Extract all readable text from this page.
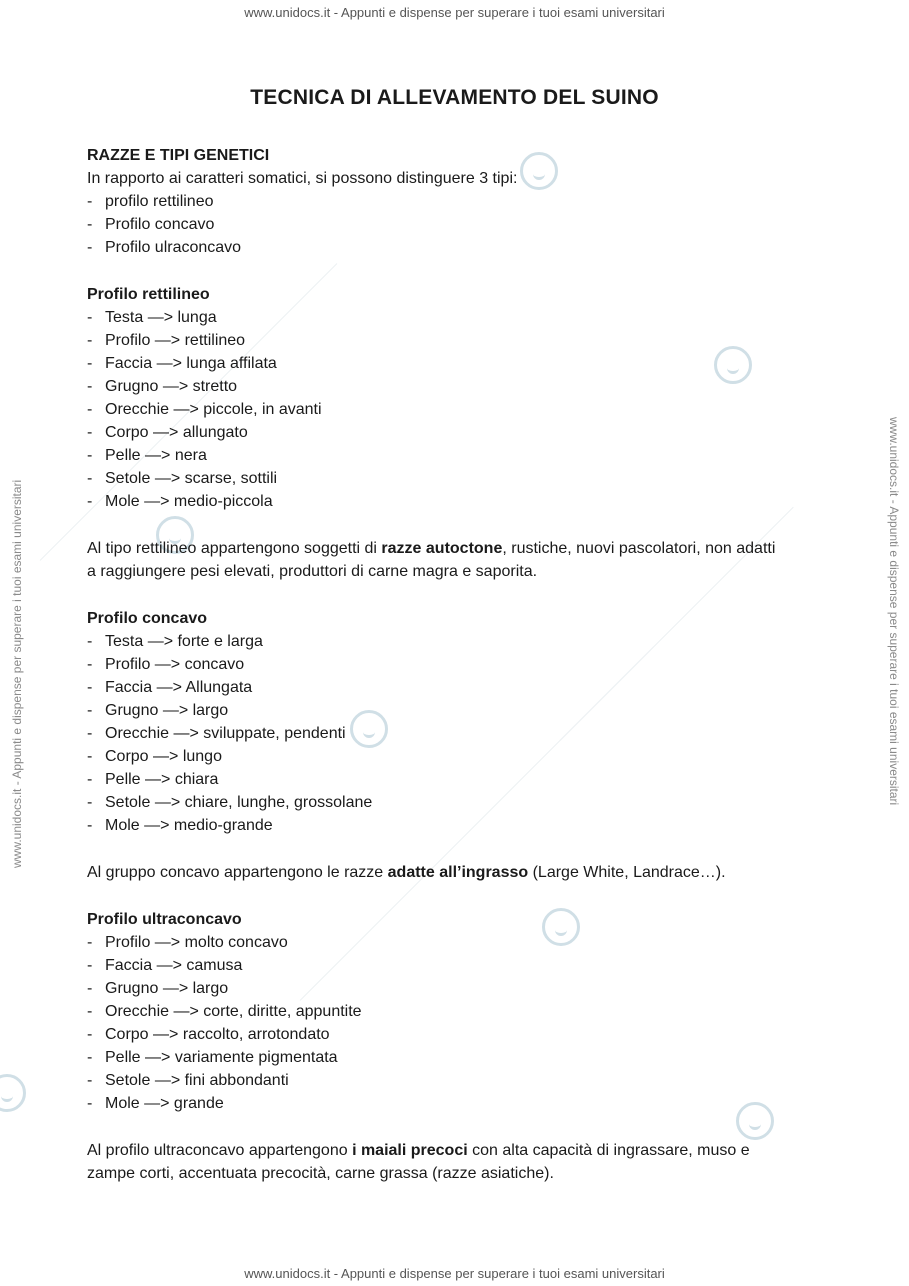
www.unidocs.it - Appunti e dispense per superare i tuoi esami universitari
www.unidocs.it - Appunti e dispense per superare i tuoi esami universitari
www.unidocs.it - Appunti e dispense per superare i tuoi esami universitari	www.unidocs.it - Appunti e dispense per superare i tuoi esami universitari
TECNICA DI ALLEVAMENTO DEL SUINO
RAZZE E TIPI GENETICI
In rapporto ai caratteri somatici, si possono distinguere 3 tipi:
- profilo rettilineo
- Profilo concavo
- Profilo ulraconcavo
Profilo rettilineo
- Testa —> lunga
- Profilo —> rettilineo
- Faccia —> lunga affilata
- Grugno —> stretto
- Orecchie —> piccole, in avanti
- Corpo —> allungato
- Pelle —> nera
- Setole —> scarse, sottili
- Mole —> medio-piccola
Al tipo rettilineo appartengono soggetti di razze autoctone, rustiche, nuovi pascolatori, non adatti
a raggiungere pesi elevati, produttori di carne magra e saporita.
Profilo concavo
- Testa —> forte e larga
- Profilo —> concavo
- Faccia —> Allungata
- Grugno —> largo
- Orecchie —> sviluppate, pendenti
- Corpo —> lungo
- Pelle —> chiara
- Setole —> chiare, lunghe, grossolane
- Mole —> medio-grande
Al gruppo concavo appartengono le razze adatte all’ingrasso (Large White, Landrace…).
Profilo ultraconcavo
- Profilo —> molto concavo
- Faccia —> camusa
- Grugno —> largo
- Orecchie —> corte, diritte, appuntite
- Corpo —> raccolto, arrotondato
- Pelle —> variamente pigmentata
- Setole —> fini abbondanti
- Mole —> grande
Al profilo ultraconcavo appartengono i maiali precoci con alta capacità di ingrassare, muso e
zampe corti, accentuata precocità, carne grassa (razze asiatiche).
